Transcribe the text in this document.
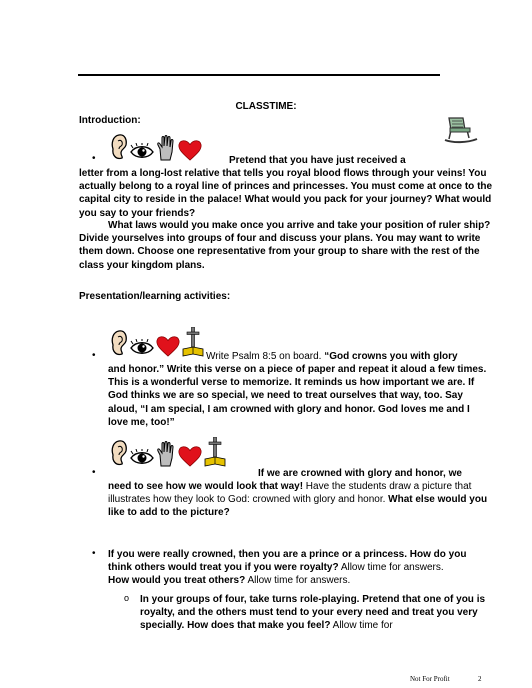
CLASSTIME:
Introduction:
•	Pretend that you have just received a
letter from a long-lost relative that tells you royal blood flows through your veins! You actually belong to a royal line of princes and princesses. You must come at once to the capital city to reside in the palace! What would you pack for your journey? What would you say to your friends?
What laws would you make once you arrive and take your position of ruler ship? Divide yourselves into groups of four and discuss your plans. You may want to write them down. Choose one representative from your group to share with the rest of the class your kingdom plans.
Presentation/learning activities:
•	Write Psalm 8:5 on board. “God crowns you with glory
and honor.” Write this verse on a piece of paper and repeat it aloud a few times. This is a wonderful verse to memorize. It reminds us how important we are. If God thinks we are so special, we need to treat ourselves that way, too. Say aloud, “I am special, I am crowned with glory and honor. God loves me and I love me, too!”
•	If we are crowned with glory and honor, we
need to see how we would look that way! Have the students draw a picture that illustrates how they look to God: crowned with glory and honor. What else would you like to add to the picture?
• If you were really crowned, then you are a prince or a princess. How do you think others would treat you if you were royalty? Allow time for answers.
How would you treat others? Allow time for answers.
o In your groups of four, take turns role-playing. Pretend that one of you is royalty, and the others must tend to your every need and treat you very specially. How does that make you feel? Allow time for
Not For Profit	2
